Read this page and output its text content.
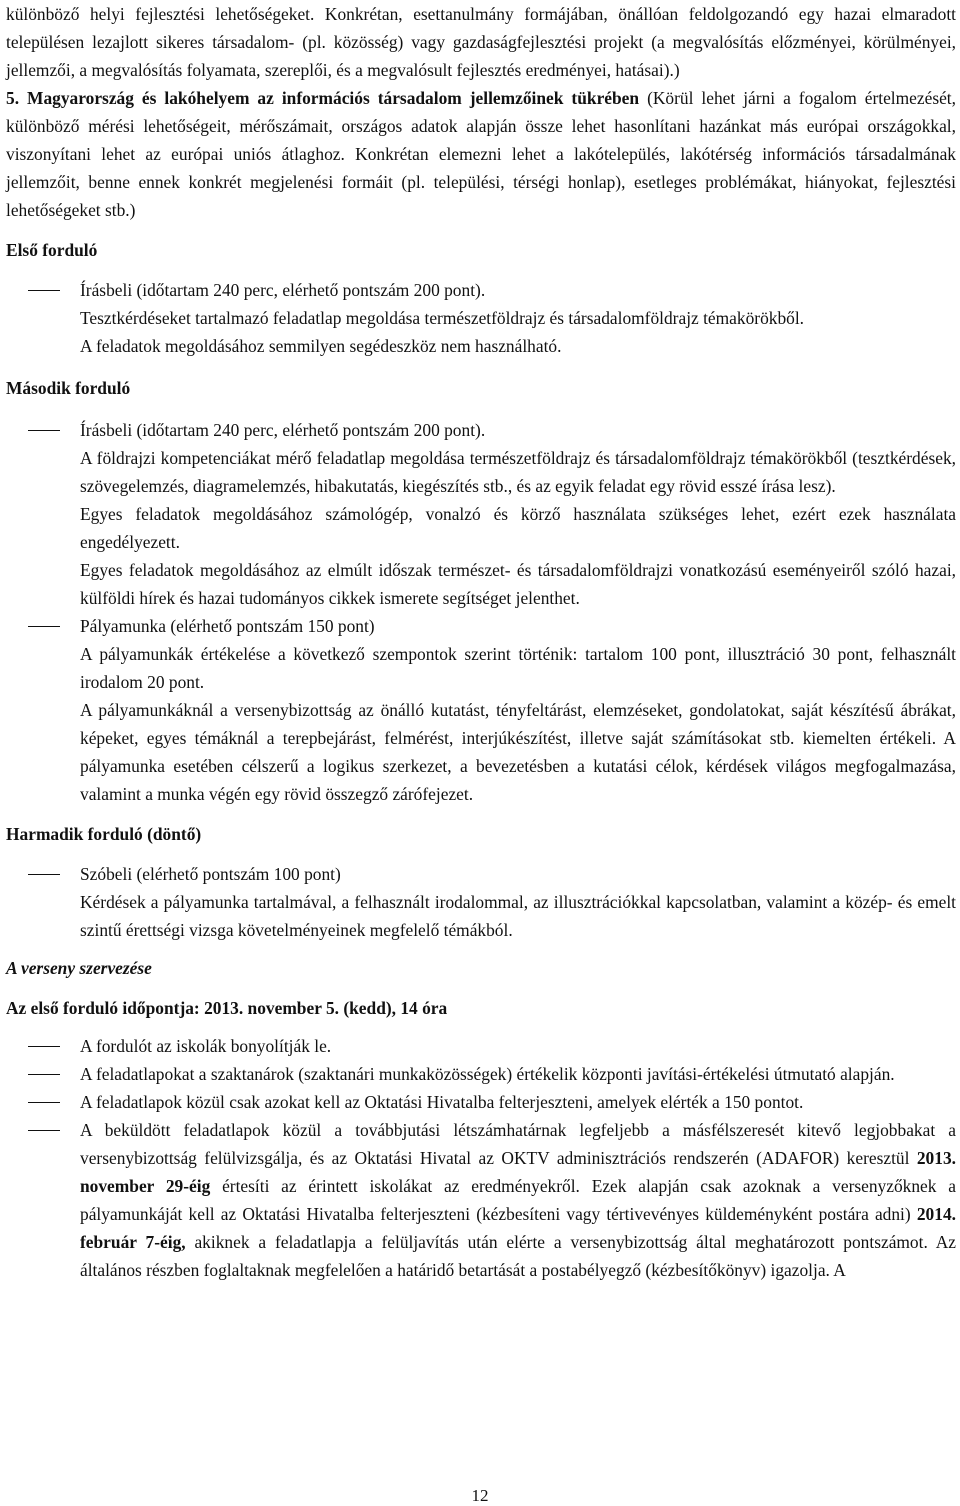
különböző helyi fejlesztési lehetőségeket. Konkrétan, esettanulmány formájában, önállóan feldolgozandó egy hazai elmaradott településen lezajlott sikeres társadalom- (pl. közösség) vagy gazdaságfejlesztési projekt (a megvalósítás előzményei, körülményei, jellemzői, a megvalósítás folyamata, szereplői, és a megvalósult fejlesztés eredményei, hatásai).)

5. Magyarország és lakóhelyem az információs társadalom jellemzőinek tükrében (Körül lehet járni a fogalom értelmezését, különböző mérési lehetőségeit, mérőszámait, országos adatok alapján össze lehet hasonlítani hazánkat más európai országokkal, viszonyítani lehet az európai uniós átlaghoz. Konkrétan elemezni lehet a lakótelepülés, lakótérség információs társadalmának jellemzőit, benne ennek konkrét megjelenési formáit (pl. települési, térségi honlap), esetleges problémákat, hiányokat, fejlesztési lehetőségeket stb.)

Első forduló

Írásbeli (időtartam 240 perc, elérhető pontszám 200 pont).

Tesztkérdéseket tartalmazó feladatlap megoldása természetföldrajz és társadalomföldrajz témakörökből.

A feladatok megoldásához semmilyen segédeszköz nem használható.

Második forduló

Írásbeli (időtartam 240 perc, elérhető pontszám 200 pont).

A földrajzi kompetenciákat mérő feladatlap megoldása természetföldrajz és társadalomföldrajz témakörökből (tesztkérdések, szövegelemzés, diagramelemzés, hibakutatás, kiegészítés stb., és az egyik feladat egy rövid esszé írása lesz).

Egyes feladatok megoldásához számológép, vonalzó és körző használata szükséges lehet, ezért ezek használata engedélyezett.

Egyes feladatok megoldásához az elmúlt időszak természet- és társadalomföldrajzi vonatkozású eseményeiről szóló hazai, külföldi hírek és hazai tudományos cikkek ismerete segítséget jelenthet.

Pályamunka (elérhető pontszám 150 pont)

A pályamunkák értékelése a következő szempontok szerint történik: tartalom 100 pont, illusztráció 30 pont, felhasznált irodalom 20 pont.

A pályamunkáknál a versenybizottság az önálló kutatást, tényfeltárást, elemzéseket, gondolatokat, saját készítésű ábrákat, képeket, egyes témáknál a terepbejárást, felmérést, interjúkészítést, illetve saját számításokat stb. kiemelten értékeli. A pályamunka esetében célszerű a logikus szerkezet, a bevezetésben a kutatási célok, kérdések világos megfogalmazása, valamint a munka végén egy rövid összegző zárófejezet.

Harmadik forduló (döntő)

Szóbeli (elérhető pontszám 100 pont)

Kérdések a pályamunka tartalmával, a felhasznált irodalommal, az illusztrációkkal kapcsolatban, valamint a közép- és emelt szintű érettségi vizsga követelményeinek megfelelő témákból.

A verseny szervezése

Az első forduló időpontja: 2013. november 5. (kedd), 14 óra

A fordulót az iskolák bonyolítják le.

A feladatlapokat a szaktanárok (szaktanári munkaközösségek) értékelik központi javítási-értékelési útmutató alapján.

A feladatlapok közül csak azokat kell az Oktatási Hivatalba felterjeszteni, amelyek elérték a 150 pontot.

A beküldött feladatlapok közül a továbbjutási létszámhatárnak legfeljebb a másfélszeresét kitevő legjobbakat a versenybizottság felülvizsgálja, és az Oktatási Hivatal az OKTV adminisztrációs rendszerén (ADAFOR) keresztül 2013. november 29-éig értesíti az érintett iskolákat az eredményekről. Ezek alapján csak azoknak a versenyzőknek a pályamunkáját kell az Oktatási Hivatalba felterjeszteni (kézbesíteni vagy tértivevényes küldeményként postára adni) 2014. február 7-éig, akiknek a feladatlapja a felüljavítás után elérte a versenybizottság által meghatározott pontszámot. Az általános részben foglaltaknak megfelelően a határidő betartását a postabélyegző (kézbesítőkönyv) igazolja. A

12
